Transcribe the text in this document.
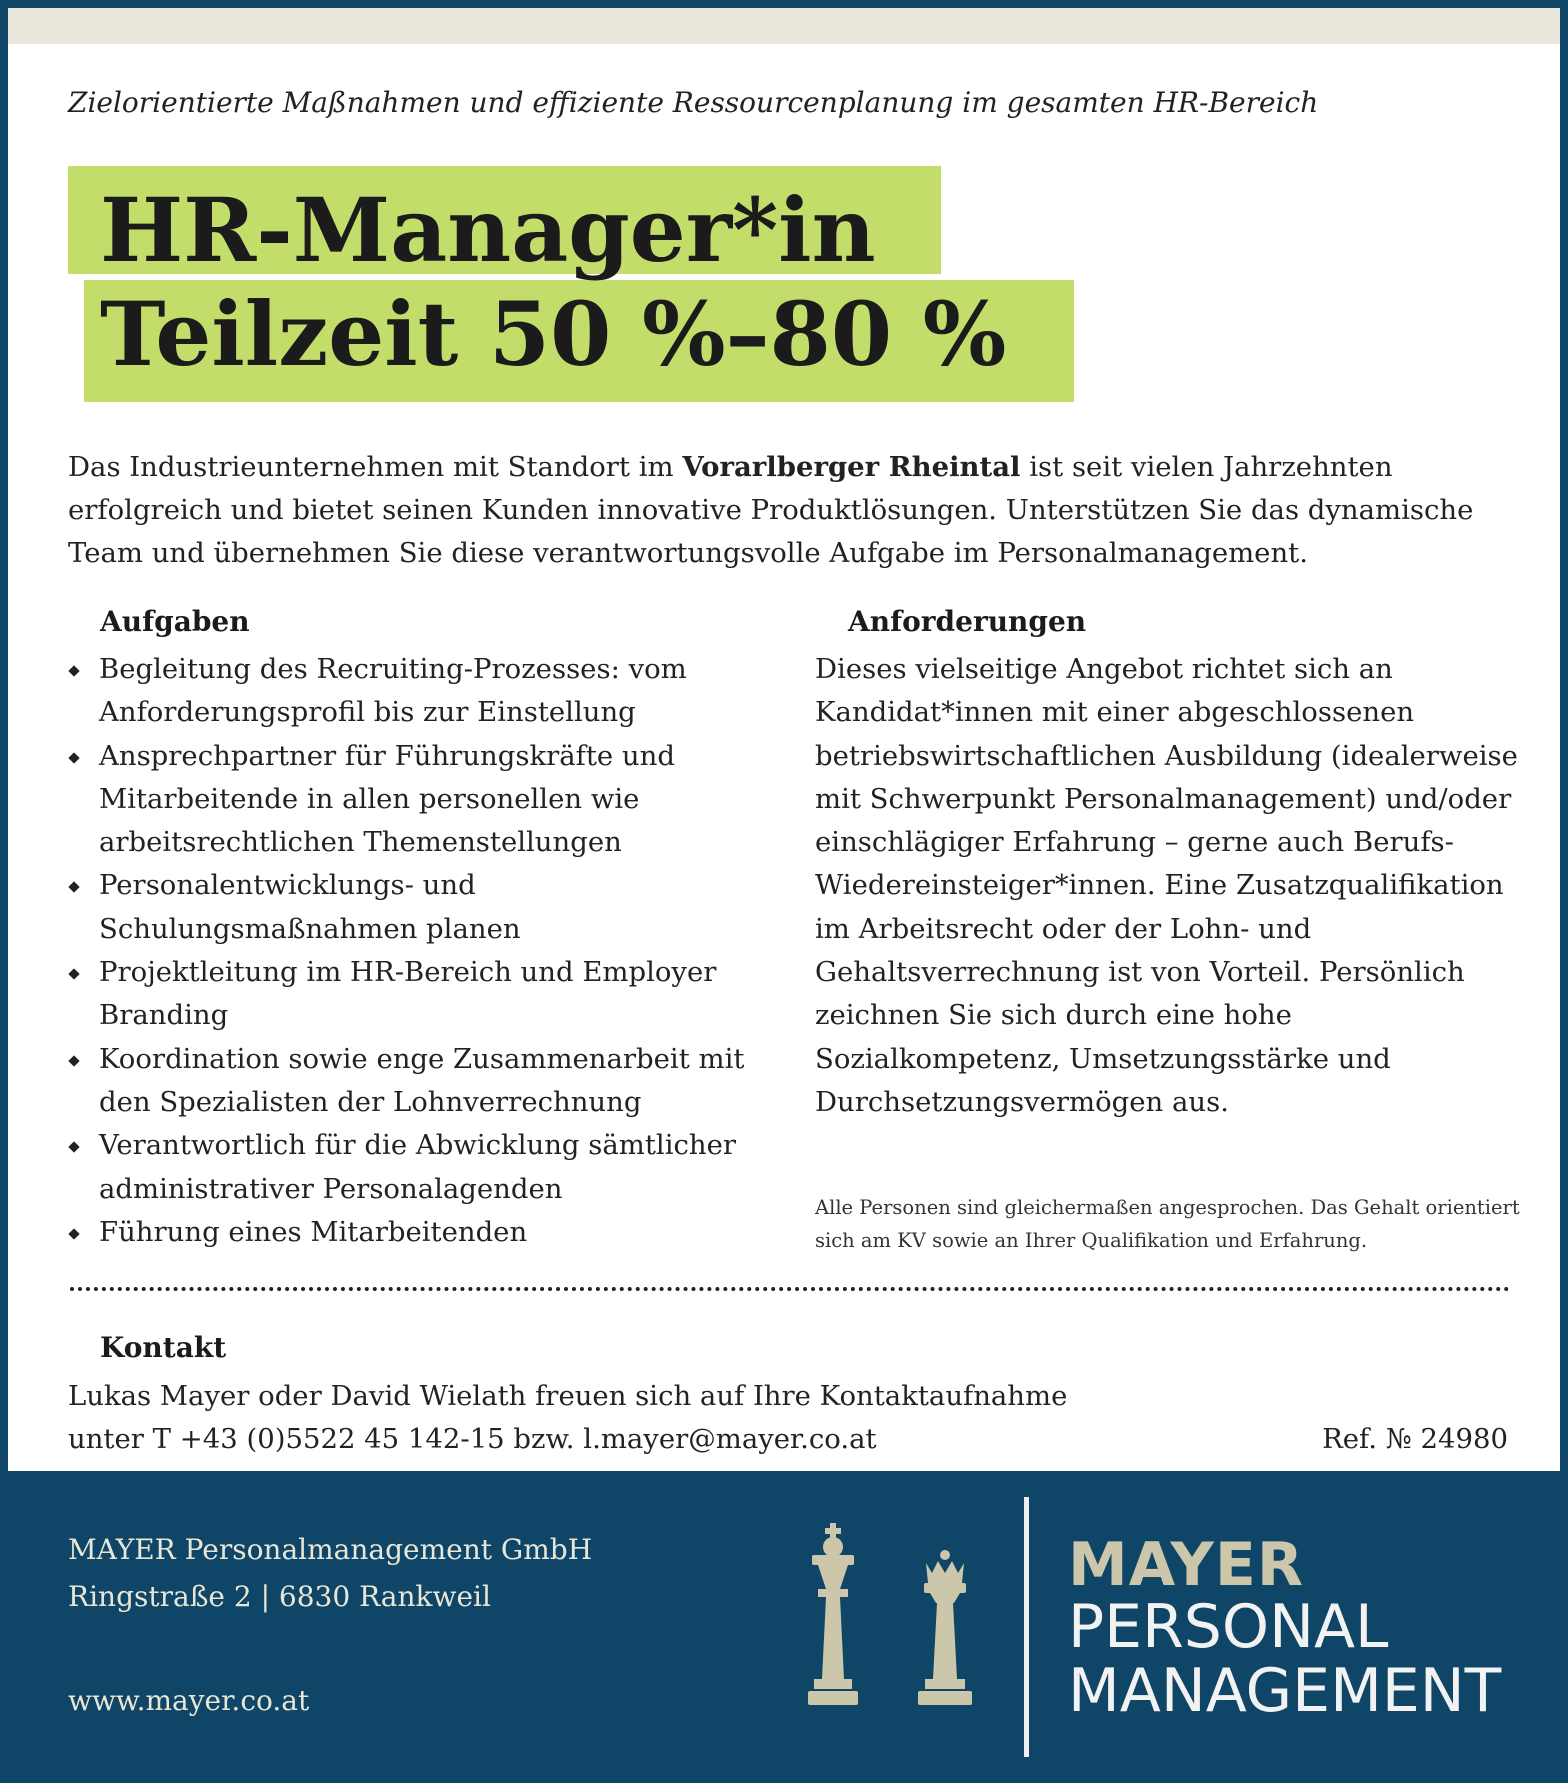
Zielorientierte Maßnahmen und effiziente Ressourcenplanung im gesamten HR-Bereich
HR-Manager*in
Teilzeit 50 %–80 %
Das Industrieunternehmen mit Standort im Vorarlberger Rheintal ist seit vielen Jahrzehnten erfolgreich und bietet seinen Kunden innovative Produktlösungen. Unterstützen Sie das dynamische Team und übernehmen Sie diese verantwortungsvolle Aufgabe im Personalmanagement.
Aufgaben
Begleitung des Recruiting-Prozesses: vom Anforderungsprofil bis zur Einstellung
Ansprechpartner für Führungskräfte und Mitarbeitende in allen personellen wie arbeitsrechtlichen Themenstellungen
Personalentwicklungs- und Schulungsmaßnahmen planen
Projektleitung im HR-Bereich und Employer Branding
Koordination sowie enge Zusammenarbeit mit den Spezialisten der Lohnverrechnung
Verantwortlich für die Abwicklung sämtlicher administrativer Personalagenden
Führung eines Mitarbeitenden
Anforderungen
Dieses vielseitige Angebot richtet sich an Kandidat*innen mit einer abgeschlossenen betriebswirtschaftlichen Ausbildung (idealerweise mit Schwerpunkt Personalmanagement) und/oder einschlägiger Erfahrung – gerne auch Berufs-Wiedereinsteiger*innen. Eine Zusatzqualifikation im Arbeitsrecht oder der Lohn- und Gehaltsverrechnung ist von Vorteil. Persönlich zeichnen Sie sich durch eine hohe Sozialkompetenz, Umsetzungsstärke und Durchsetzungsvermögen aus.
Alle Personen sind gleichermaßen angesprochen. Das Gehalt orientiert sich am KV sowie an Ihrer Qualifikation und Erfahrung.
Kontakt
Lukas Mayer oder David Wielath freuen sich auf Ihre Kontaktaufnahme
unter T +43 (0)5522 45 142-15 bzw. l.mayer@mayer.co.at	Ref. № 24980
MAYER Personalmanagement GmbH
Ringstraße 2 | 6830 Rankweil
www.mayer.co.at
MAYER
PERSONAL
MANAGEMENT
